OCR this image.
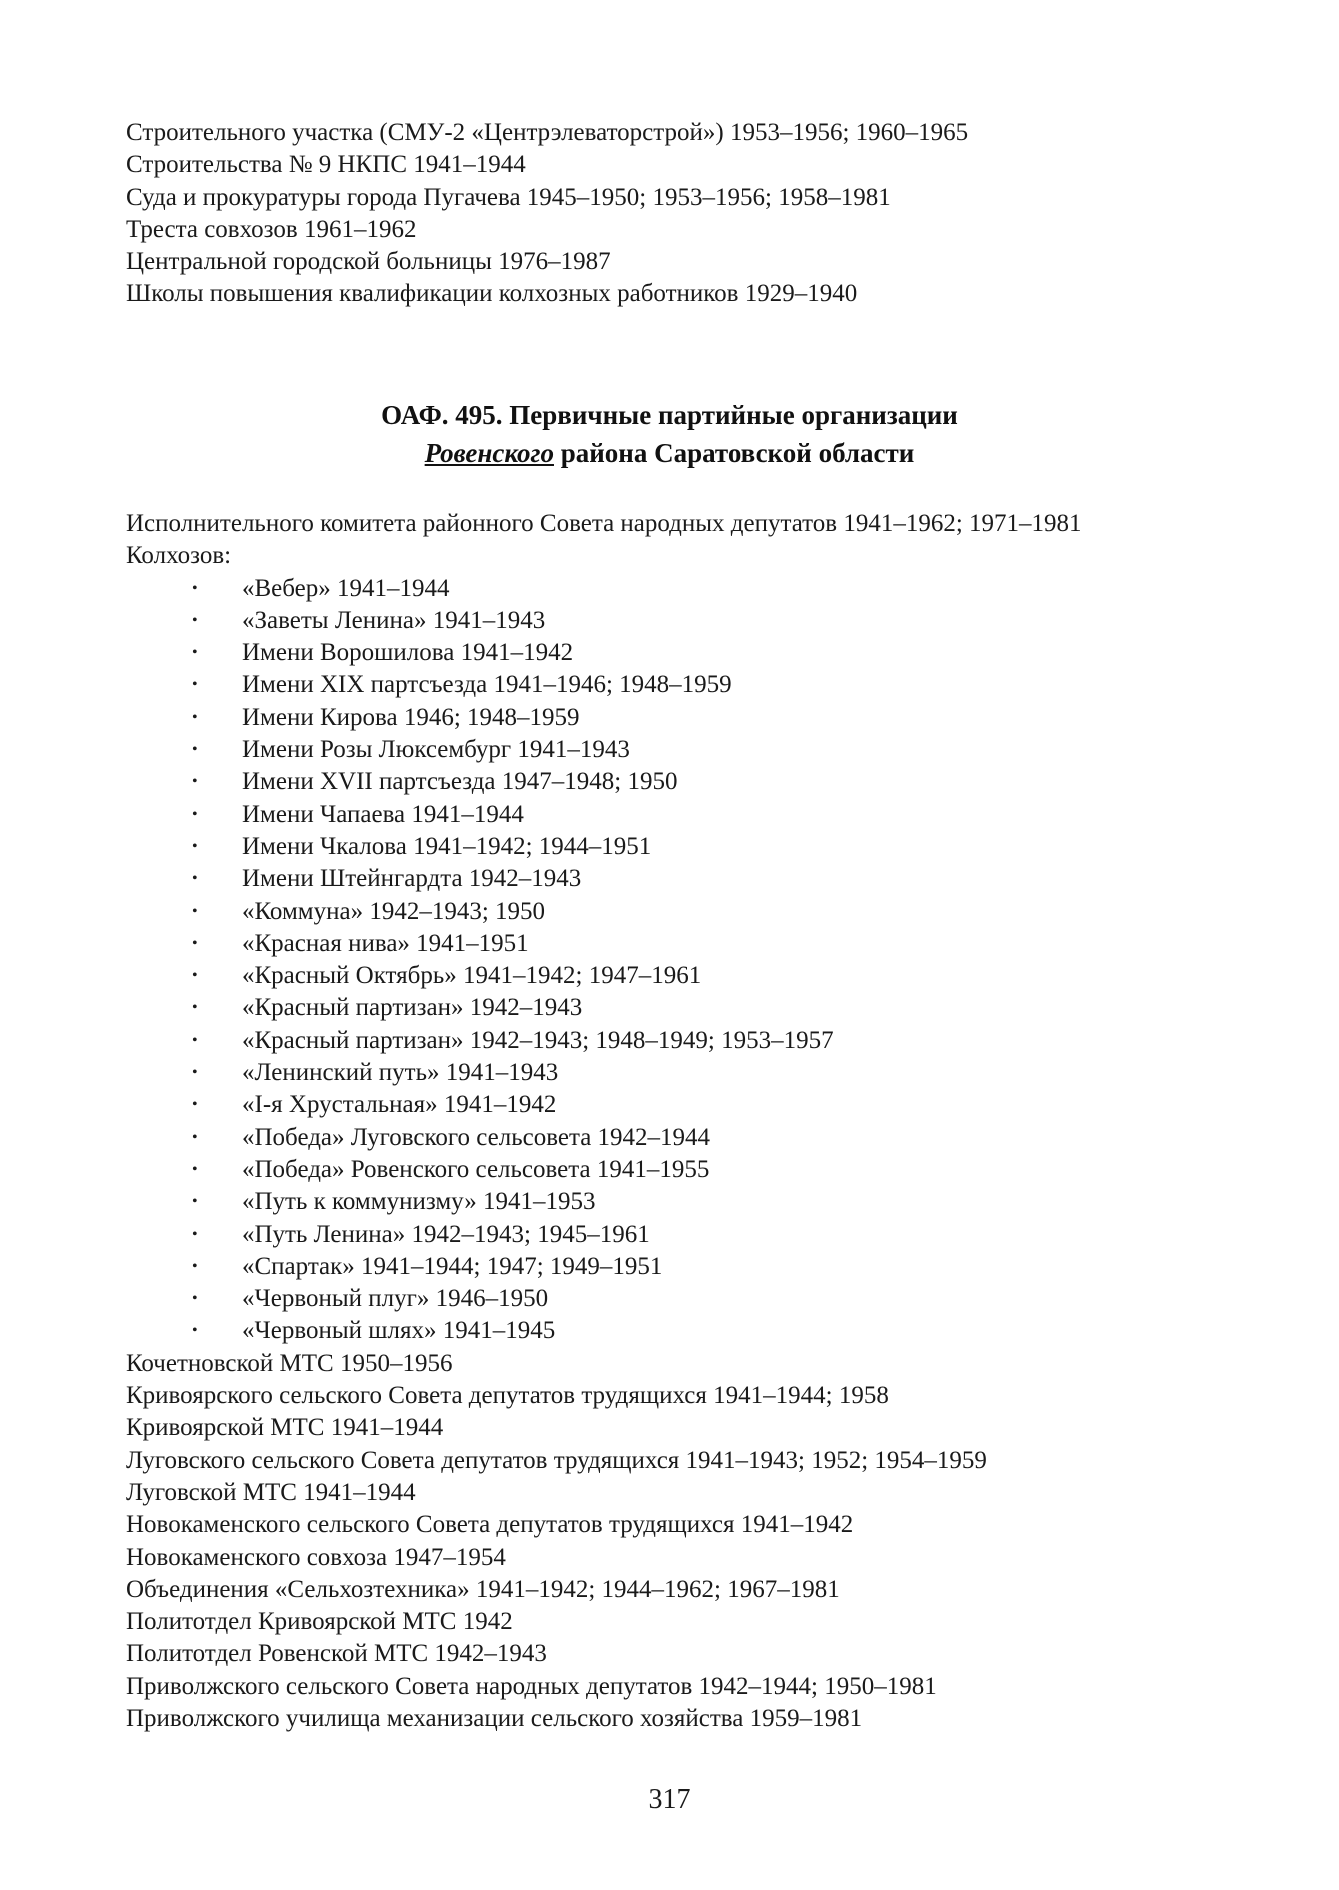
Строительного участка (СМУ-2 «Центрэлеваторстрой») 1953–1956; 1960–1965
Строительства № 9 НКПС 1941–1944
Суда и прокуратуры города Пугачева 1945–1950; 1953–1956; 1958–1981
Треста совхозов 1961–1962
Центральной городской больницы 1976–1987
Школы повышения квалификации колхозных работников 1929–1940
ОАФ. 495. Первичные партийные организации
Ровенского района Саратовской области
Исполнительного комитета районного Совета народных депутатов 1941–1962; 1971–1981
Колхозов:
• «Вебер» 1941–1944
• «Заветы Ленина» 1941–1943
• Имени Ворошилова 1941–1942
• Имени XIX партсъезда 1941–1946; 1948–1959
• Имени Кирова 1946; 1948–1959
• Имени Розы Люксембург 1941–1943
• Имени XVII партсъезда 1947–1948; 1950
• Имени Чапаева 1941–1944
• Имени Чкалова 1941–1942; 1944–1951
• Имени Штейнгардта 1942–1943
• «Коммуна» 1942–1943; 1950
• «Красная нива» 1941–1951
• «Красный Октябрь» 1941–1942; 1947–1961
• «Красный партизан» 1942–1943
• «Красный партизан» 1942–1943; 1948–1949; 1953–1957
• «Ленинский путь» 1941–1943
• «I-я Хрустальная» 1941–1942
• «Победа» Луговского сельсовета 1942–1944
• «Победа» Ровенского сельсовета 1941–1955
• «Путь к коммунизму» 1941–1953
• «Путь Ленина» 1942–1943; 1945–1961
• «Спартак» 1941–1944; 1947; 1949–1951
• «Червоный плуг» 1946–1950
• «Червоный шлях» 1941–1945
Кочетновской МТС 1950–1956
Кривоярского сельского Совета депутатов трудящихся 1941–1944; 1958
Кривоярской МТС 1941–1944
Луговского сельского Совета депутатов трудящихся 1941–1943; 1952; 1954–1959
Луговской МТС 1941–1944
Новокаменского сельского Совета депутатов трудящихся 1941–1942
Новокаменского совхоза 1947–1954
Объединения «Сельхозтехника» 1941–1942; 1944–1962; 1967–1981
Политотдел Кривоярской МТС 1942
Политотдел Ровенской МТС 1942–1943
Приволжского сельского Совета народных депутатов 1942–1944; 1950–1981
Приволжского училища механизации сельского хозяйства 1959–1981
317
